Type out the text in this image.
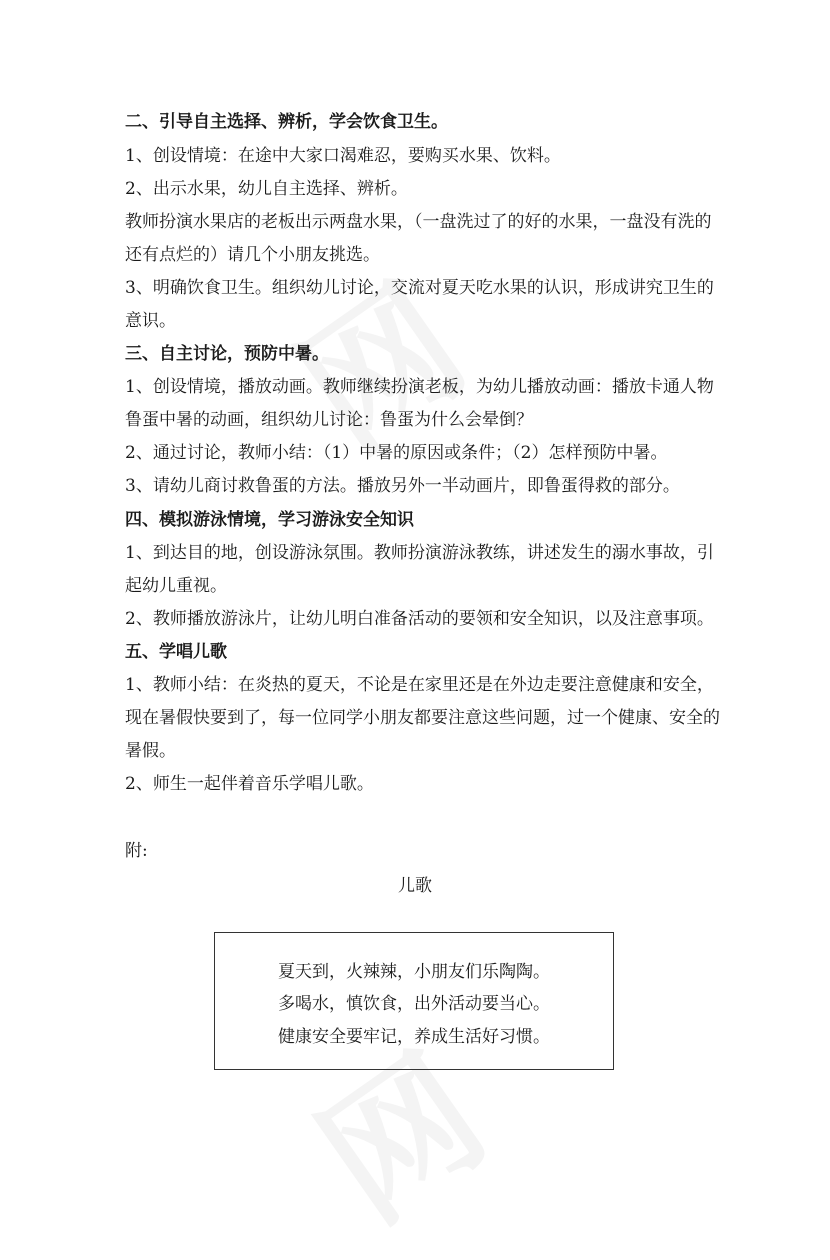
二、引导自主选择、辨析，学会饮食卫生。
1、创设情境：在途中大家口渴难忍，要购买水果、饮料。
2、出示水果，幼儿自主选择、辨析。
教师扮演水果店的老板出示两盘水果，（一盘洗过了的好的水果，一盘没有洗的
还有点烂的）请几个小朋友挑选。
3、明确饮食卫生。组织幼儿讨论，交流对夏天吃水果的认识，形成讲究卫生的
意识。
三、自主讨论，预防中暑。
1、创设情境，播放动画。教师继续扮演老板，为幼儿播放动画：播放卡通人物
鲁蛋中暑的动画，组织幼儿讨论：鲁蛋为什么会晕倒？
2、通过讨论，教师小结：（1）中暑的原因或条件；（2）怎样预防中暑。
3、请幼儿商讨救鲁蛋的方法。播放另外一半动画片，即鲁蛋得救的部分。
四、模拟游泳情境，学习游泳安全知识
1、到达目的地，创设游泳氛围。教师扮演游泳教练，讲述发生的溺水事故，引
起幼儿重视。
2、教师播放游泳片，让幼儿明白准备活动的要领和安全知识，以及注意事项。
五、学唱儿歌
1、教师小结：在炎热的夏天，不论是在家里还是在外边走要注意健康和安全，
现在暑假快要到了，每一位同学小朋友都要注意这些问题，过一个健康、安全的
暑假。
2、师生一起伴着音乐学唱儿歌。
附:
儿歌
夏天到，火辣辣，小朋友们乐陶陶。
多喝水，慎饮食，出外活动要当心。
健康安全要牢记，养成生活好习惯。
